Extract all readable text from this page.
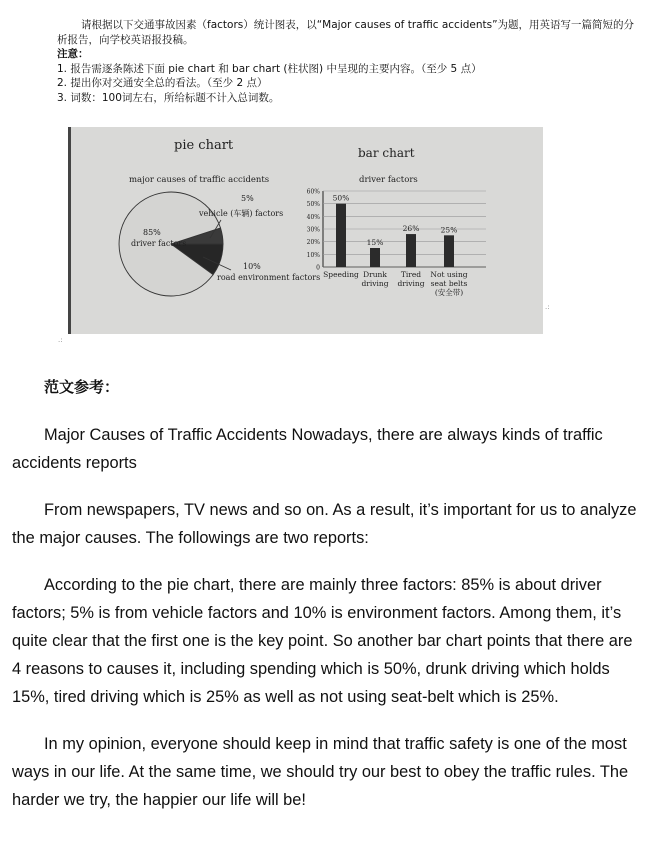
请根据以下交通事故因素（factors）统计图表，以“Major causes of traffic accidents”为题，用英语写一篇简短的分析报告，向学校英语报投稿。

注意：

1. 报告需逐条陈述下面 pie chart 和 bar chart (柱状图) 中呈现的主要内容。（至少 5 点）

2. 提出你对交通安全总的看法。（至少 2 点）

3. 词数：100词左右，所给标题不计入总词数。

pie chart
major causes of traffic accidents
85%
driver factors
5%
vehicle (车辆) factors
10%
road environment factors
bar chart
driver factors
0
10%
20%
30%
40%
50%
60%
50%
15%
26%	25%
Speeding Drunk driving
Tired driving
Not using seat belts (安全带)
.:
.:
范文参考：

Major Causes of Traffic Accidents Nowadays, there are always kinds of traffic accidents reports

From newspapers, TV news and so on. As a result, it’s important for us to analyze the major causes. The followings are two reports:

According to the pie chart, there are mainly three factors: 85% is about driver factors; 5% is from vehicle factors and 10% is environment factors. Among them, it’s quite clear that the first one is the key point. So another bar chart points that there are 4 reasons to causes it, including spending which is 50%, drunk driving which holds 15%, tired driving which is 25% as well as not using seat-belt which is 25%.

In my opinion, everyone should keep in mind that traffic safety is one of the most ways in our life. At the same time, we should try our best to obey the traffic rules. The harder we try, the happier our life will be!
